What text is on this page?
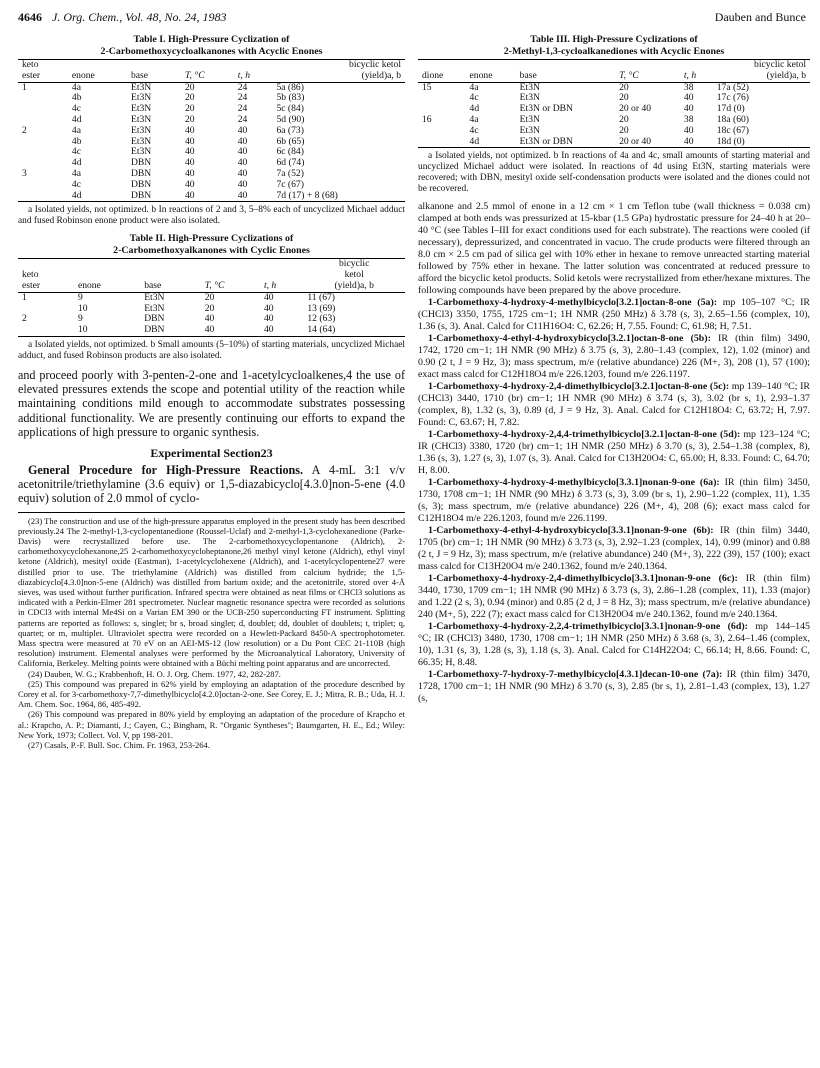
4646 J. Org. Chem., Vol. 48, No. 24, 1983	Dauben and Bunce
Table I. High-Pressure Cyclization of
2-Carbomethoxycycloalkanones with Acyclic Enones
keto					bicyclic ketol
ester	enone	base	T, °C	t, h	(yield)a, b
1	4a	Et3N	20	24	5a (86)
	4b	Et3N	20	24	5b (83)
	4c	Et3N	20	24	5c (84)
	4d	Et3N	20	24	5d (90)
2	4a	Et3N	40	40	6a (73)
	4b	Et3N	40	40	6b (65)
	4c	Et3N	40	40	6c (84)
	4d	DBN	40	40	6d (74)
3	4a	DBN	40	40	7a (52)
	4c	DBN	40	40	7c (67)
	4d	DBN	40	40	7d (17) + 8 (68)
a Isolated yields, not optimized. b In reactions of 2 and 3, 5–8% each of uncyclized Michael adduct and fused Robinson enone product were also isolated.
Table II. High-Pressure Cyclizations of
2-Carbomethoxyalkanones with Cyclic Enones
					bicyclic
keto					ketol
ester	enone	base	T, °C	t, h	(yield)a, b
1	9	Et3N	20	40	11 (67)
	10	Et3N	20	40	13 (69)
2	9	DBN	40	40	12 (63)
	10	DBN	40	40	14 (64)
a Isolated yields, not optimized. b Small amounts (5–10%) of starting materials, uncyclized Michael adduct, and fused Robinson products are also isolated.

and proceed poorly with 3-penten-2-one and 1-acetylcycloalkenes,4 the use of elevated pressures extends the scope and potential utility of the reaction while maintaining conditions mild enough to accommodate substrates possessing additional functionality. We are presently continuing our efforts to expand the applications of high pressure to organic synthesis.

Experimental Section23

General Procedure for High-Pressure Reactions. A 4-mL 3:1 v/v acetonitrile/triethylamine (3.6 equiv) or 1,5-diazabicyclo[4.3.0]non-5-ene (4.0 equiv) solution of 2.0 mmol of cyclo-

(23) The construction and use of the high-pressure apparatus employed in the present study has been described previously.24 The 2-methyl-1,3-cyclopentanedione (Roussel-Uclaf) and 2-methyl-1,3-cyclohexanedione (Parke-Davis) were recrystallized before use. The 2-carbomethoxycyclopentanone (Aldrich), 2-carbomethoxycyclohexanone,25 2-carbomethoxycycloheptanone,26 methyl vinyl ketone (Aldrich), ethyl vinyl ketone (Aldrich), mesityl oxide (Eastman), 1-acetylcyclohexene (Aldrich), and 1-acetylcyclopentene27 were distilled prior to use. The triethylamine (Aldrich) was distilled from calcium hydride; the 1,5-diazabicyclo[4.3.0]non-5-ene (Aldrich) was distilled from barium oxide; and the acetonitrile, stored over 4-Å sieves, was used without further purification. Infrared spectra were obtained as neat films or CHCl3 solutions as indicated with a Perkin-Elmer 281 spectrometer. Nuclear magnetic resonance spectra were recorded as solutions in CDCl3 with internal Me4Si on a Varian EM 390 or the UCB-250 superconducting FT instrument. Splitting patterns are reported as follows: s, singlet; br s, broad singlet; d, doublet; dd, doublet of doublets; t, triplet; q, quartet; or m, multiplet. Ultraviolet spectra were recorded on a Hewlett-Packard 8450-A spectrophotometer. Mass spectra were measured at 70 eV on an AEI-MS-12 (low resolution) or a Du Pont CEC 21-110B (high resolution) instrument. Elemental analyses were performed by the Microanalytical Laboratory, University of California, Berkeley. Melting points were obtained with a Büchi melting point apparatus and are uncorrected.

(24) Dauben, W. G.; Krabbenhoft, H. O. J. Org. Chem. 1977, 42, 282-287.

(25) This compound was prepared in 62% yield by employing an adaptation of the procedure described by Corey et al. for 3-carbomethoxy-7,7-dimethylbicyclo[4.2.0]octan-2-one. See Corey, E. J.; Mitra, R. B.; Uda, H. J. Am. Chem. Soc. 1964, 86, 485-492.

(26) This compound was prepared in 80% yield by employing an adaptation of the procedure of Krapcho et al.: Krapcho, A. P.; Diamanti, J.; Cayen, C.; Bingham, R. "Organic Syntheses"; Baumgarten, H. E., Ed.; Wiley: New York, 1973; Collect. Vol. V, pp 198-201.

(27) Casals, P.-F. Bull. Soc. Chim. Fr. 1963, 253-264.

Table III. High-Pressure Cyclizations of
2-Methyl-1,3-cycloalkanediones with Acyclic Enones
					bicyclic ketol
dione	enone	base	T, °C	t, h	(yield)a, b
15	4a	Et3N	20	38	17a (52)
	4c	Et3N	20	40	17c (76)
	4d	Et3N or DBN	20 or 40	40	17d (0)
16	4a	Et3N	20	38	18a (60)
	4c	Et3N	20	40	18c (67)
	4d	Et3N or DBN	20 or 40	40	18d (0)
a Isolated yields, not optimized. b In reactions of 4a and 4c, small amounts of starting material and uncyclized Michael adduct were isolated. In reactions of 4d using Et3N, starting materials were recovered; with DBN, mesityl oxide self-condensation products were isolated and the diones could not be recovered.

alkanone and 2.5 mmol of enone in a 12 cm × 1 cm Teflon tube (wall thickness = 0.038 cm) clamped at both ends was pressurized at 15-kbar (1.5 GPa) hydrostatic pressure for 24–40 h at 20–40 °C (see Tables I–III for exact conditions used for each substrate). The reactions were cooled (if necessary), depressurized, and concentrated in vacuo. The crude products were filtered through an 8.0 cm × 2.5 cm pad of silica gel with 10% ether in hexane to remove unreacted starting material followed by 75% ether in hexane. The latter solution was concentrated at reduced pressure to afford the bicyclic ketol products. Solid ketols were recrystallized from ether/hexane mixtures. The following compounds have been prepared by the above procedure.

1-Carbomethoxy-4-hydroxy-4-methylbicyclo[3.2.1]octan-8-one (5a): mp 105–107 °C; IR (CHCl3) 3350, 1755, 1725 cm−1; 1H NMR (250 MHz) δ 3.78 (s, 3), 2.65–1.56 (complex, 10), 1.36 (s, 3). Anal. Calcd for C11H16O4: C, 62.26; H, 7.55. Found: C, 61.98; H, 7.51.

1-Carbomethoxy-4-ethyl-4-hydroxybicyclo[3.2.1]octan-8-one (5b): IR (thin film) 3490, 1742, 1720 cm−1; 1H NMR (90 MHz) δ 3.75 (s, 3), 2.80–1.43 (complex, 12), 1.02 (minor) and 0.90 (2 t, J = 9 Hz, 3); mass spectrum, m/e (relative abundance) 226 (M+, 3), 208 (1), 57 (100); exact mass calcd for C12H18O4 m/e 226.1203, found m/e 226.1197.

1-Carbomethoxy-4-hydroxy-2,4-dimethylbicyclo[3.2.1]octan-8-one (5c): mp 139–140 °C; IR (CHCl3) 3440, 1710 (br) cm−1; 1H NMR (90 MHz) δ 3.74 (s, 3), 3.02 (br s, 1), 2.93–1.37 (complex, 8), 1.32 (s, 3), 0.89 (d, J = 9 Hz, 3). Anal. Calcd for C12H18O4: C, 63.72; H, 7.97. Found: C, 63.67; H, 7.82.

1-Carbomethoxy-4-hydroxy-2,4,4-trimethylbicyclo[3.2.1]octan-8-one (5d): mp 123–124 °C; IR (CHCl3) 3380, 1720 (br) cm−1; 1H NMR (250 MHz) δ 3.70 (s, 3), 2.54–1.38 (complex, 8), 1.36 (s, 3), 1.27 (s, 3), 1.07 (s, 3). Anal. Calcd for C13H20O4: C, 65.00; H, 8.33. Found: C, 64.70; H, 8.00.

1-Carbomethoxy-4-hydroxy-4-methylbicyclo[3.3.1]nonan-9-one (6a): IR (thin film) 3450, 1730, 1708 cm−1; 1H NMR (90 MHz) δ 3.73 (s, 3), 3.09 (br s, 1), 2.90–1.22 (complex, 11), 1.35 (s, 3); mass spectrum, m/e (relative abundance) 226 (M+, 4), 208 (6); exact mass calcd for C12H18O4 m/e 226.1203, found m/e 226.1199.

1-Carbomethoxy-4-ethyl-4-hydroxybicyclo[3.3.1]nonan-9-one (6b): IR (thin film) 3440, 1705 (br) cm−1; 1H NMR (90 MHz) δ 3.73 (s, 3), 2.92–1.23 (complex, 14), 0.99 (minor) and 0.88 (2 t, J = 9 Hz, 3); mass spectrum, m/e (relative abundance) 240 (M+, 3), 222 (39), 157 (100); exact mass calcd for C13H20O4 m/e 240.1362, found m/e 240.1364.

1-Carbomethoxy-4-hydroxy-2,4-dimethylbicyclo[3.3.1]nonan-9-one (6c): IR (thin film) 3440, 1730, 1709 cm−1; 1H NMR (90 MHz) δ 3.73 (s, 3), 2.86–1.28 (complex, 11), 1.33 (major) and 1.22 (2 s, 3), 0.94 (minor) and 0.85 (2 d, J = 8 Hz, 3); mass spectrum, m/e (relative abundance) 240 (M+, 5), 222 (7); exact mass calcd for C13H20O4 m/e 240.1362, found m/e 240.1364.

1-Carbomethoxy-4-hydroxy-2,2,4-trimethylbicyclo[3.3.1]nonan-9-one (6d): mp 144–145 °C; IR (CHCl3) 3480, 1730, 1708 cm−1; 1H NMR (250 MHz) δ 3.68 (s, 3), 2.64–1.46 (complex, 10), 1.31 (s, 3), 1.28 (s, 3), 1.18 (s, 3). Anal. Calcd for C14H22O4: C, 66.14; H, 8.66. Found: C, 66.35; H, 8.48.

1-Carbomethoxy-7-hydroxy-7-methylbicyclo[4.3.1]decan-10-one (7a): IR (thin film) 3470, 1728, 1700 cm−1; 1H NMR (90 MHz) δ 3.70 (s, 3), 2.85 (br s, 1), 2.81–1.43 (complex, 13), 1.27 (s,
